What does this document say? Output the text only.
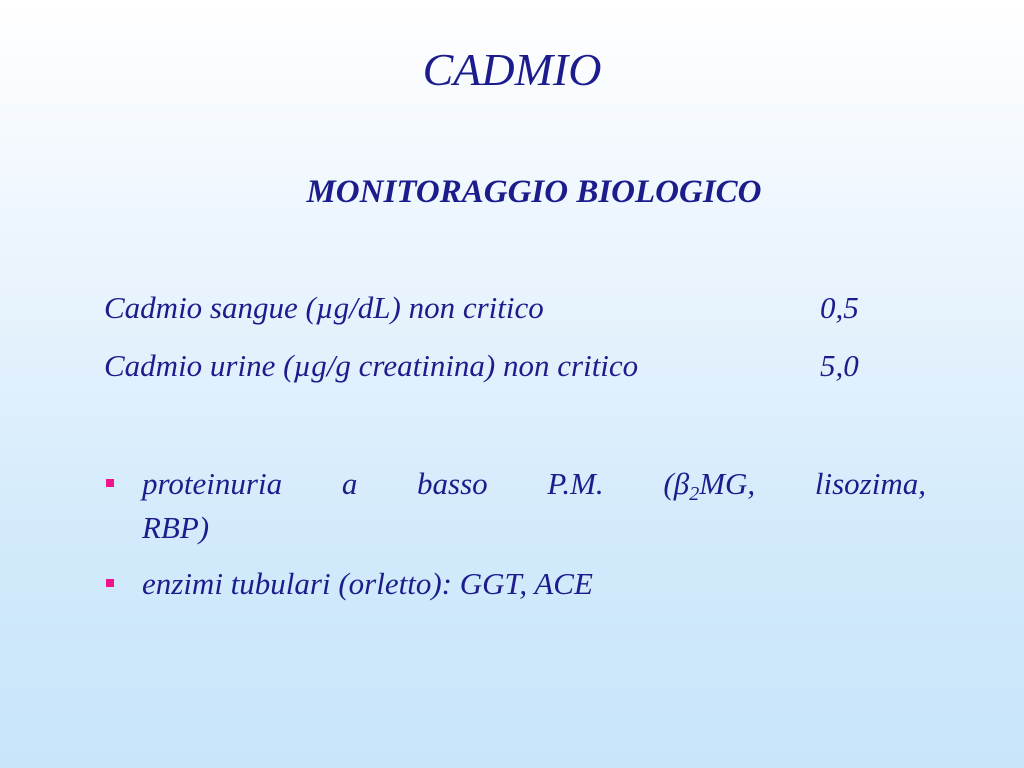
CADMIO
MONITORAGGIO BIOLOGICO
Cadmio sangue (µg/dL) non critico	0,5
Cadmio urine (µg/g creatinina) non critico	5,0
proteinuria a basso P.M. ($\beta_2MG$, lisozima,
RBP)
enzimi tubulari (orletto): GGT, ACE
